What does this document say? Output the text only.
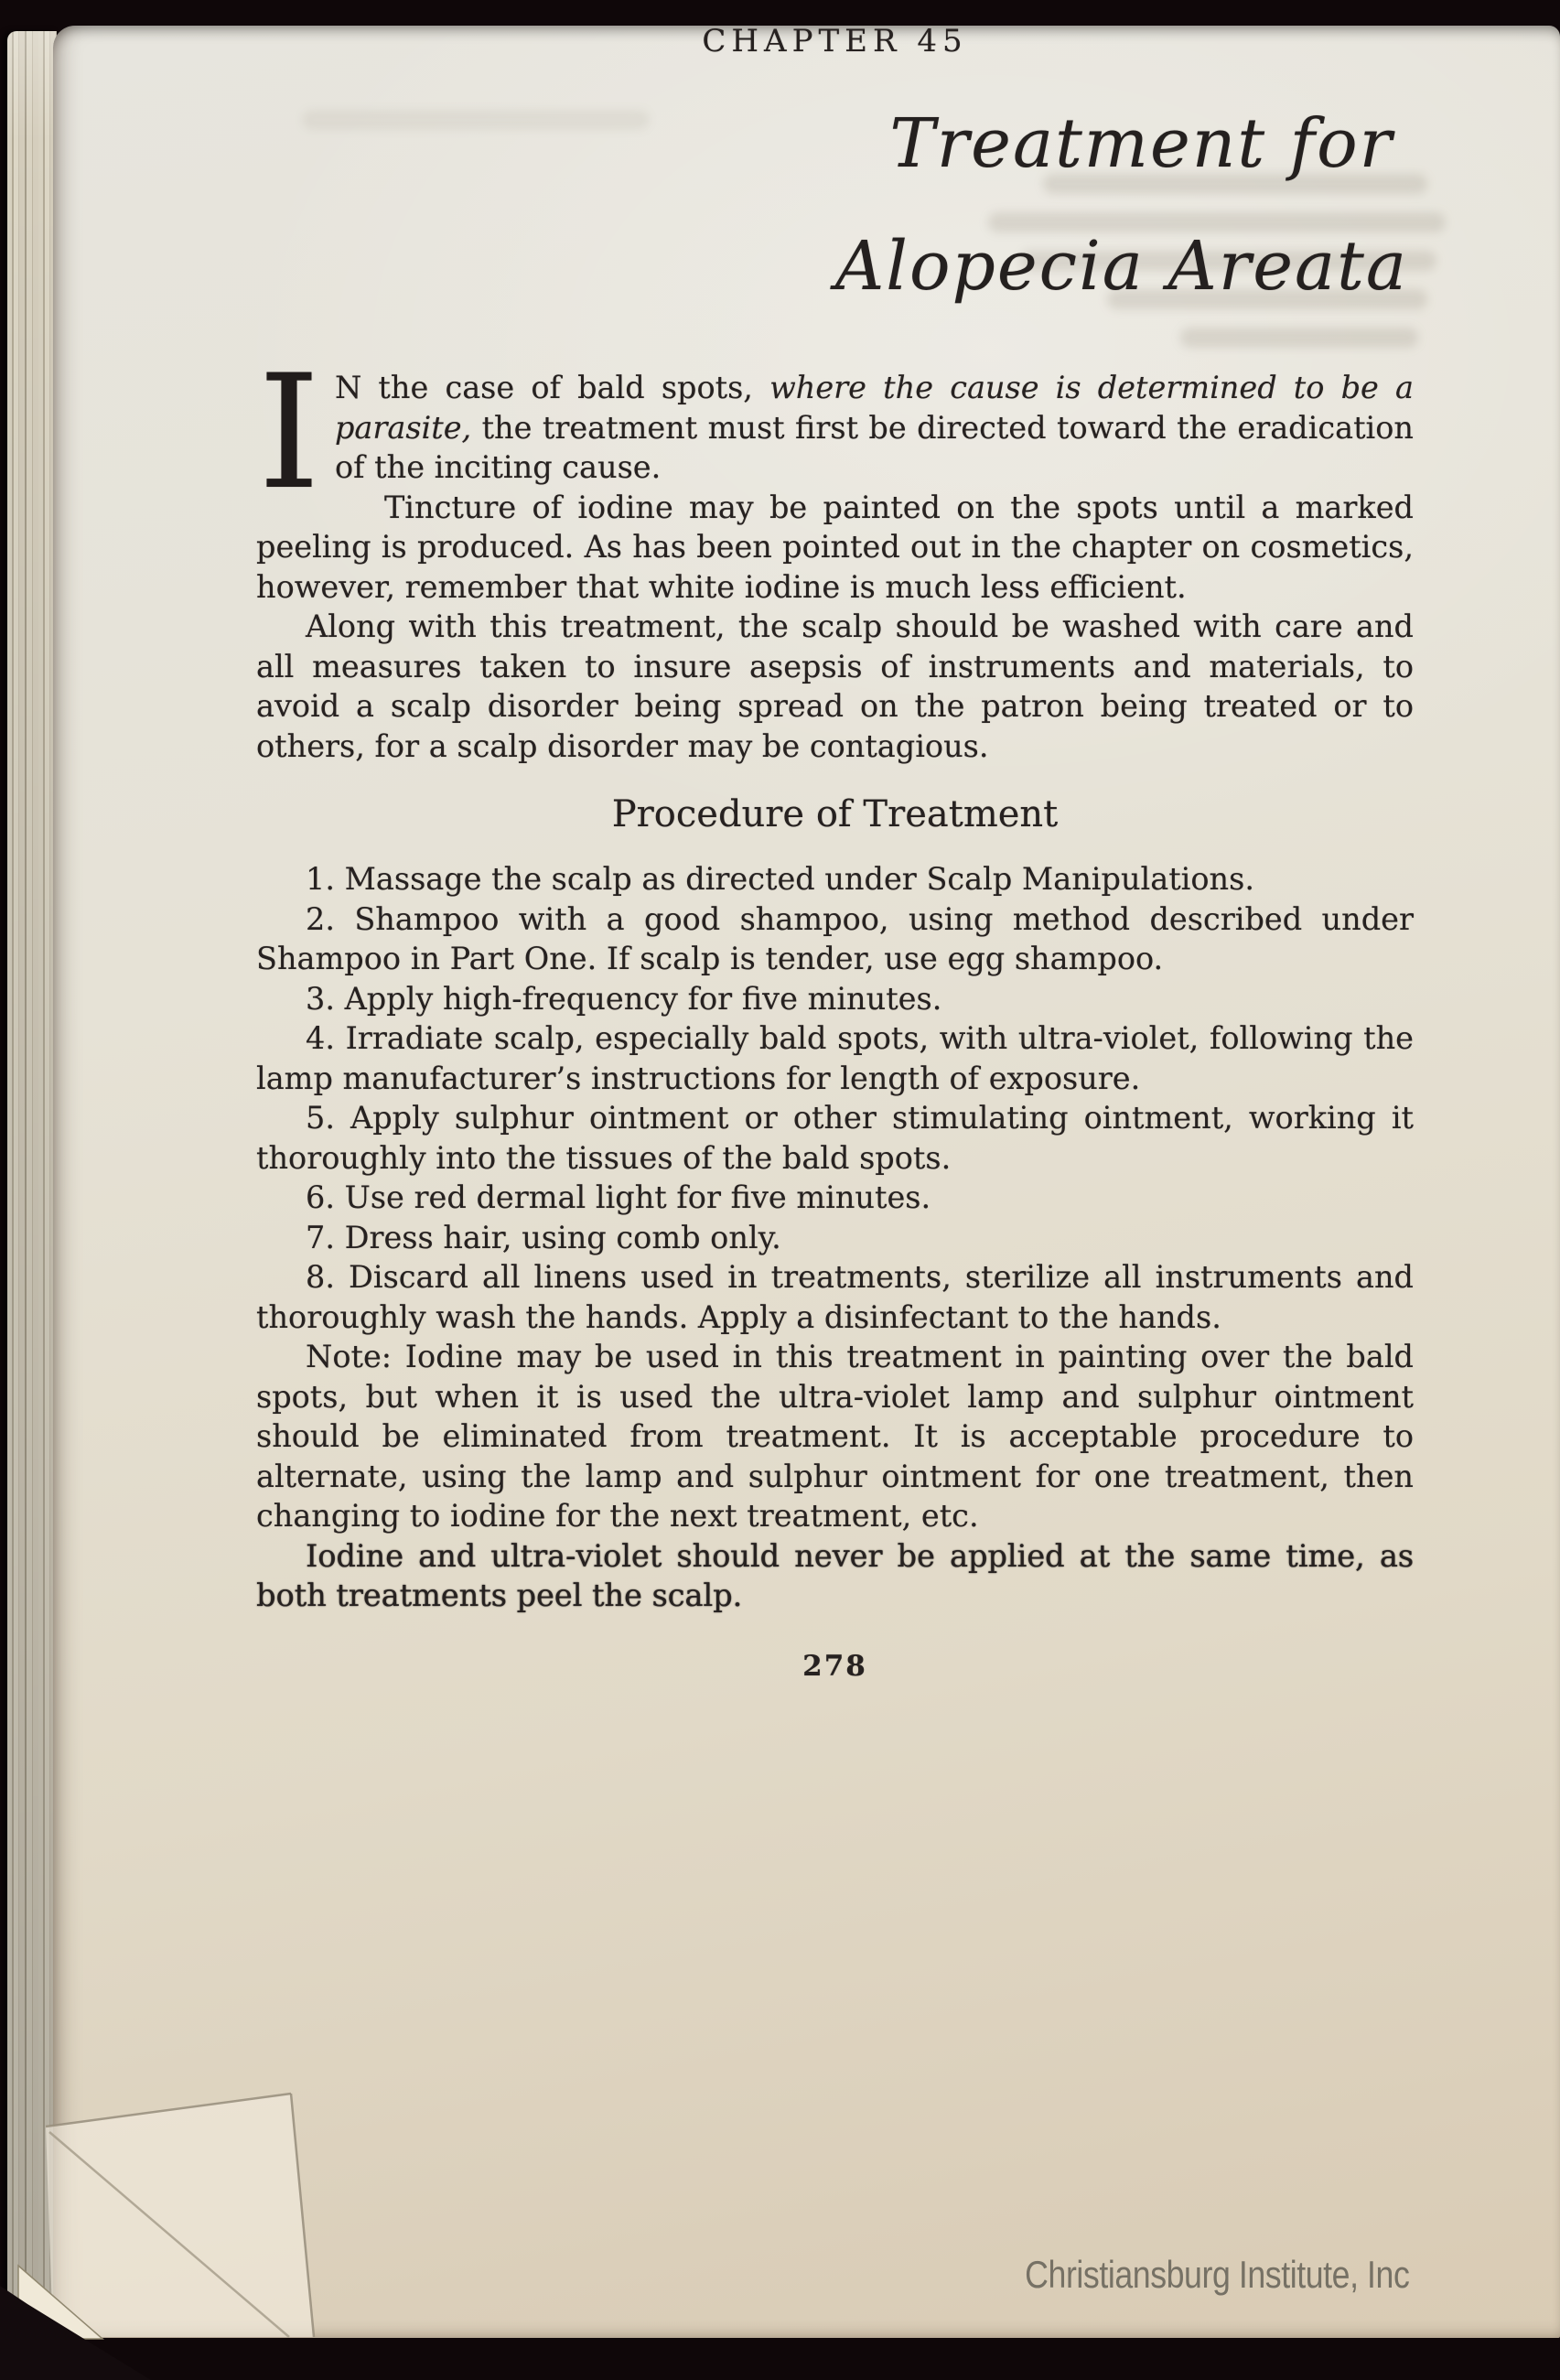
CHAPTER 45

Treatment for
Alopecia Areata

I N the case of bald spots, where the cause is determined to be a parasite, the treatment must first be directed toward the eradication of the inciting cause.

Tincture of iodine may be painted on the spots until a marked peeling is produced. As has been pointed out in the chapter on cosmetics, however, remember that white iodine is much less efficient.

Along with this treatment, the scalp should be washed with care and all measures taken to insure asepsis of instruments and materials, to avoid a scalp disorder being spread on the patron being treated or to others, for a scalp disorder may be contagious.

Procedure of Treatment

1. Massage the scalp as directed under Scalp Manipulations.

2. Shampoo with a good shampoo, using method described under Shampoo in Part One. If scalp is tender, use egg shampoo.

3. Apply high-frequency for five minutes.

4. Irradiate scalp, especially bald spots, with ultra-violet, following the lamp manufacturer’s instructions for length of exposure.

5. Apply sulphur ointment or other stimulating ointment, working it thoroughly into the tissues of the bald spots.

6. Use red dermal light for five minutes.

7. Dress hair, using comb only.

8. Discard all linens used in treatments, sterilize all instruments and thoroughly wash the hands. Apply a disinfectant to the hands.

Note: Iodine may be used in this treatment in painting over the bald spots, but when it is used the ultra-violet lamp and sulphur ointment should be eliminated from treatment. It is acceptable procedure to alternate, using the lamp and sulphur ointment for one treatment, then changing to iodine for the next treatment, etc.

Iodine and ultra-violet should never be applied at the same time, as both treatments peel the scalp.

278

Christiansburg Institute, Inc
